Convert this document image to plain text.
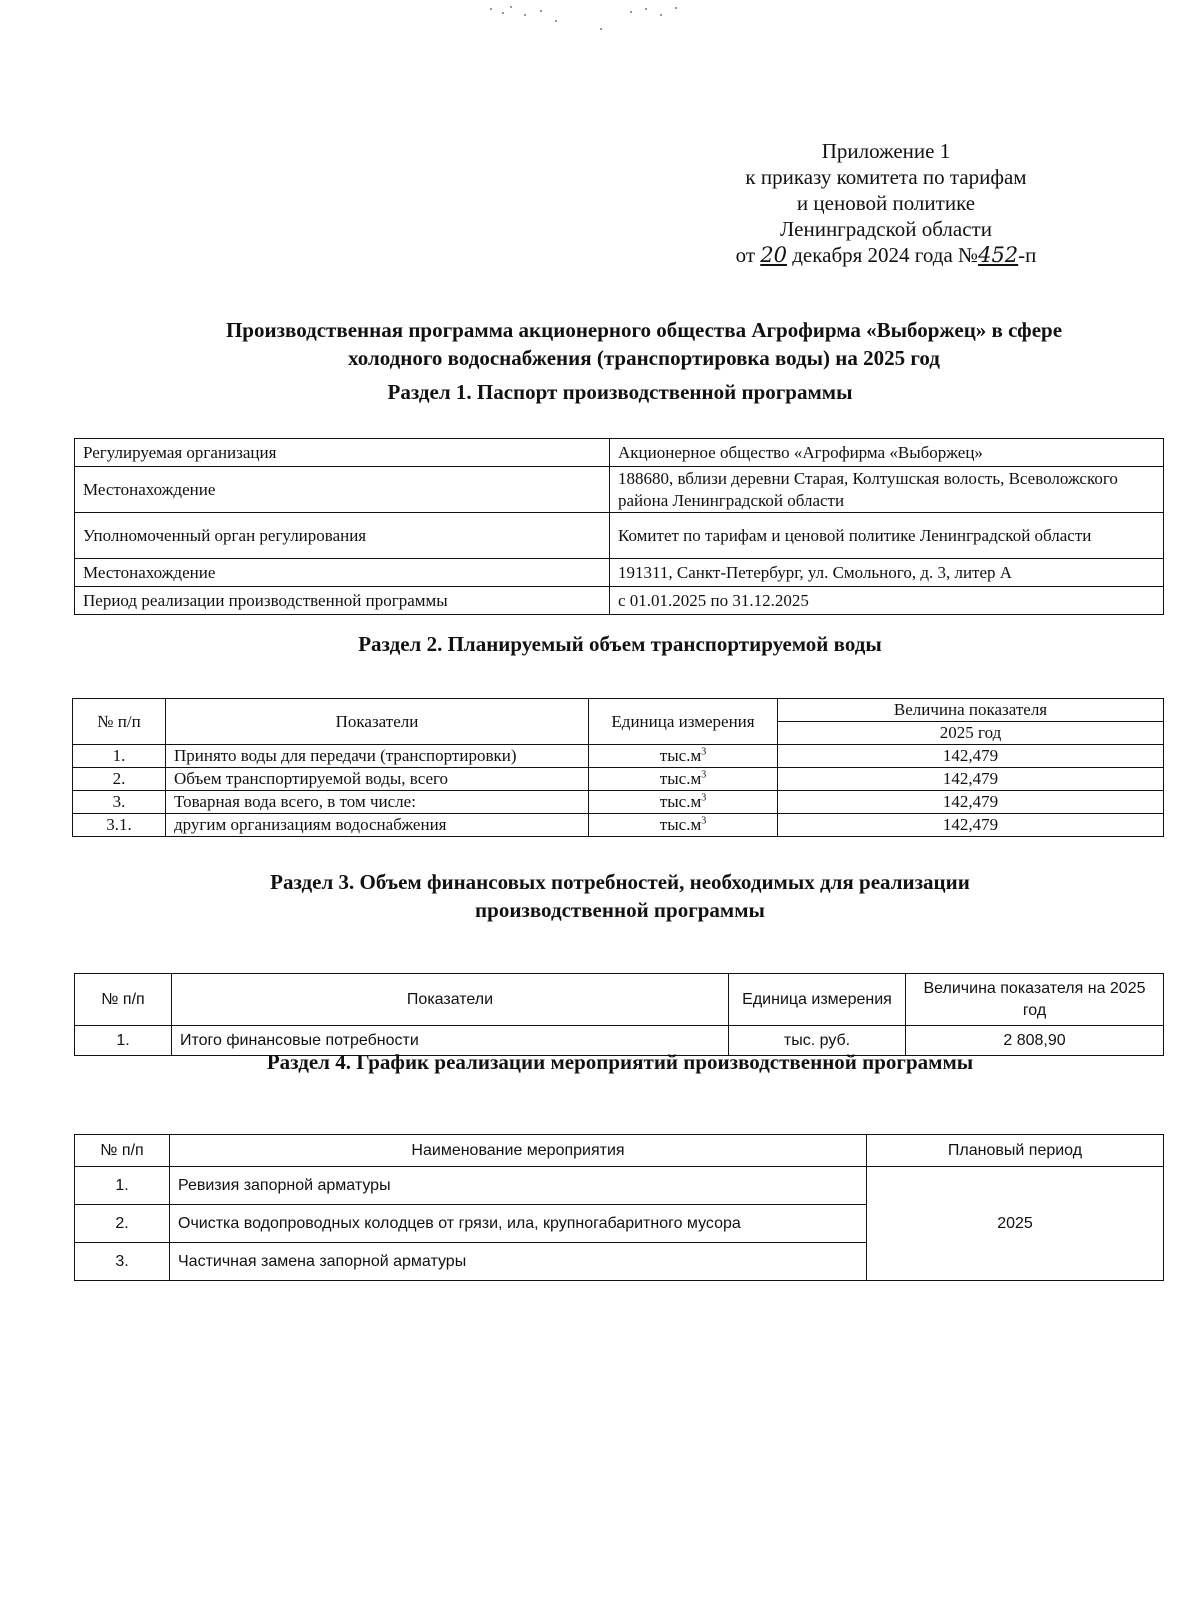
Приложение 1
к приказу комитета по тарифам
и ценовой политике
Ленинградской области
от 20 декабря 2024 года №452-п
Производственная программа акционерного общества Агрофирма «Выборжец» в сфере
холодного водоснабжения (транспортировка воды) на 2025 год
Раздел 1. Паспорт производственной программы
Регулируемая организация	Акционерное общество «Агрофирма «Выборжец»
Местонахождение	188680, вблизи деревни Старая, Колтушская волость, Всеволожского района Ленинградской области
Уполномоченный орган регулирования	Комитет по тарифам и ценовой политике Ленинградской области
Местонахождение	191311, Санкт-Петербург, ул. Смольного, д. 3, литер А
Период реализации производственной программы	с 01.01.2025 по 31.12.2025
Раздел 2. Планируемый объем транспортируемой воды
№ п/п	Показатели	Единица измерения	Величина показателя
			2025 год
1.	Принято воды для передачи (транспортировки)	$тыс.м^3$	142,479
2.	Объем транспортируемой воды, всего	$тыс.м^3$	142,479
3.	Товарная вода всего, в том числе:	$тыс.м^3$	142,479
3.1.	другим организациям водоснабжения	$тыс.м^3$	142,479
Раздел 3. Объем финансовых потребностей, необходимых для реализации
производственной программы
№ п/п	Показатели	Единица измерения	Величина показателя на 2025 год
1.	Итого финансовые потребности	тыс. руб.	2 808,90
Раздел 4. График реализации мероприятий производственной программы
№ п/п	Наименование мероприятия	Плановый период
1.	Ревизия запорной арматуры	2025
2.	Очистка водопроводных колодцев от грязи, ила, крупногабаритного мусора	
3.	Частичная замена запорной арматуры	
